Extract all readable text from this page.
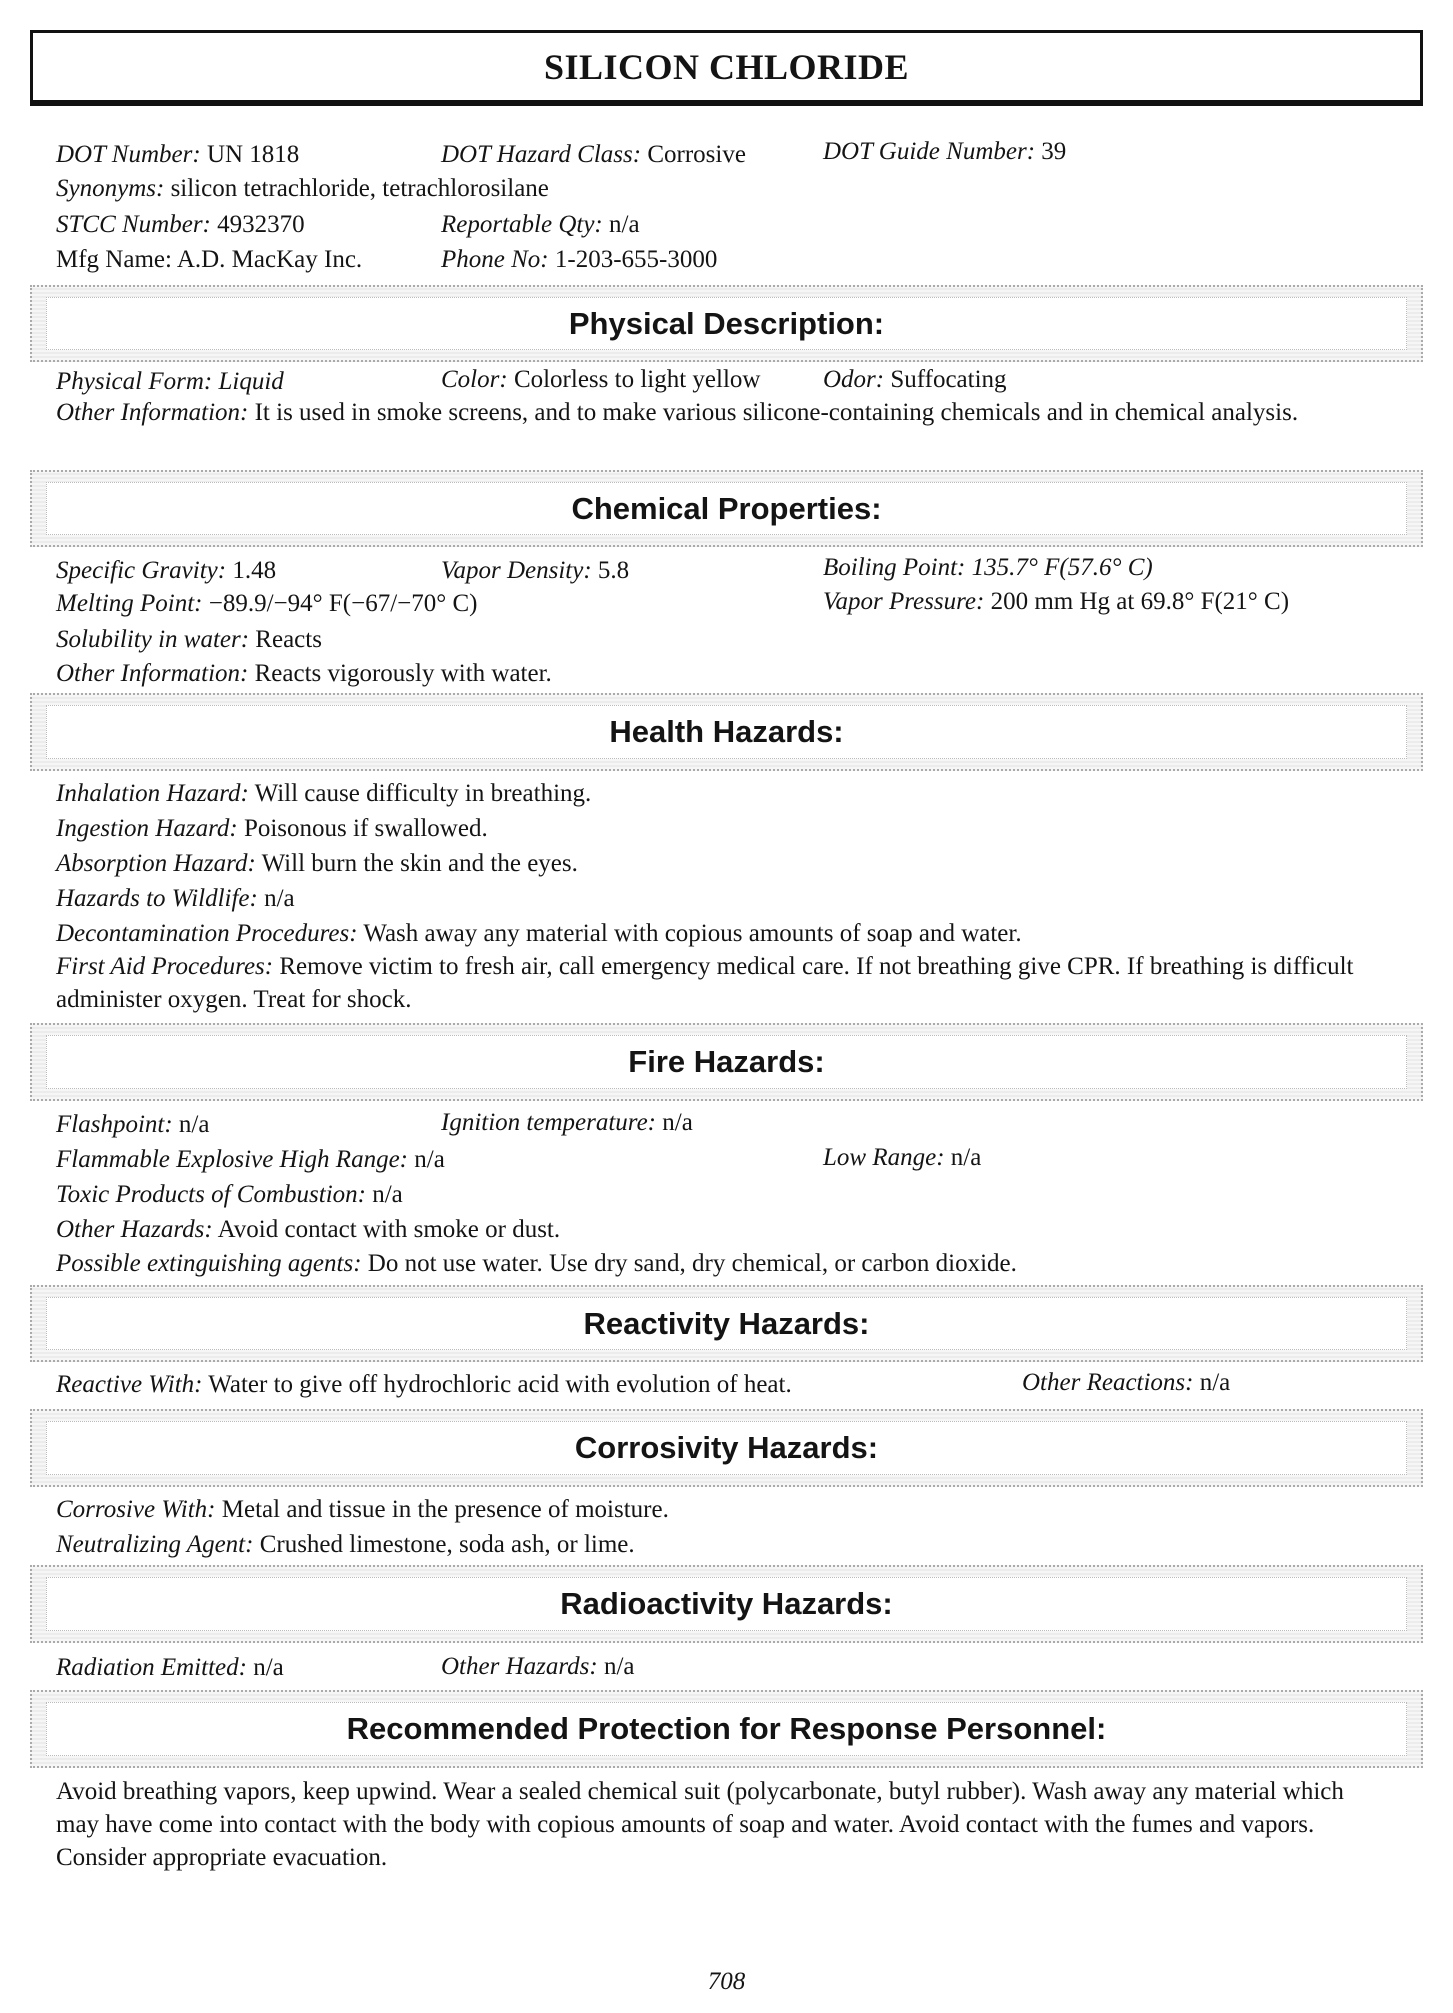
SILICON CHLORIDE
DOT Number: UN 1818	DOT Hazard Class: Corrosive	DOT Guide Number: 39
Synonyms: silicon tetrachloride, tetrachlorosilane
STCC Number: 4932370	Reportable Qty: n/a
Mfg Name: A.D. MacKay Inc.	Phone No: 1-203-655-3000
Physical Description:
Physical Form: Liquid	Color: Colorless to light yellow	Odor: Suffocating
Other Information: It is used in smoke screens, and to make various silicone-containing chemicals and in chemical analysis.
Chemical Properties:
Specific Gravity: 1.48	Vapor Density: 5.8	Boiling Point: 135.7° F(57.6° C)
Melting Point: −89.9/−94° F(−67/−70° C)	Vapor Pressure: 200 mm Hg at 69.8° F(21° C)
Solubility in water: Reacts
Other Information: Reacts vigorously with water.
Health Hazards:
Inhalation Hazard: Will cause difficulty in breathing.
Ingestion Hazard: Poisonous if swallowed.
Absorption Hazard: Will burn the skin and the eyes.
Hazards to Wildlife: n/a
Decontamination Procedures: Wash away any material with copious amounts of soap and water.
First Aid Procedures: Remove victim to fresh air, call emergency medical care. If not breathing give CPR. If breathing is difficult administer oxygen. Treat for shock.
Fire Hazards:
Flashpoint: n/a	Ignition temperature: n/a
Flammable Explosive High Range: n/a	Low Range: n/a
Toxic Products of Combustion: n/a
Other Hazards: Avoid contact with smoke or dust.
Possible extinguishing agents: Do not use water. Use dry sand, dry chemical, or carbon dioxide.
Reactivity Hazards:
Reactive With: Water to give off hydrochloric acid with evolution of heat.	Other Reactions: n/a
Corrosivity Hazards:
Corrosive With: Metal and tissue in the presence of moisture.
Neutralizing Agent: Crushed limestone, soda ash, or lime.
Radioactivity Hazards:
Radiation Emitted: n/a	Other Hazards: n/a
Recommended Protection for Response Personnel:
Avoid breathing vapors, keep upwind. Wear a sealed chemical suit (polycarbonate, butyl rubber). Wash away any material which may have come into contact with the body with copious amounts of soap and water. Avoid contact with the fumes and vapors. Consider appropriate evacuation.
708
